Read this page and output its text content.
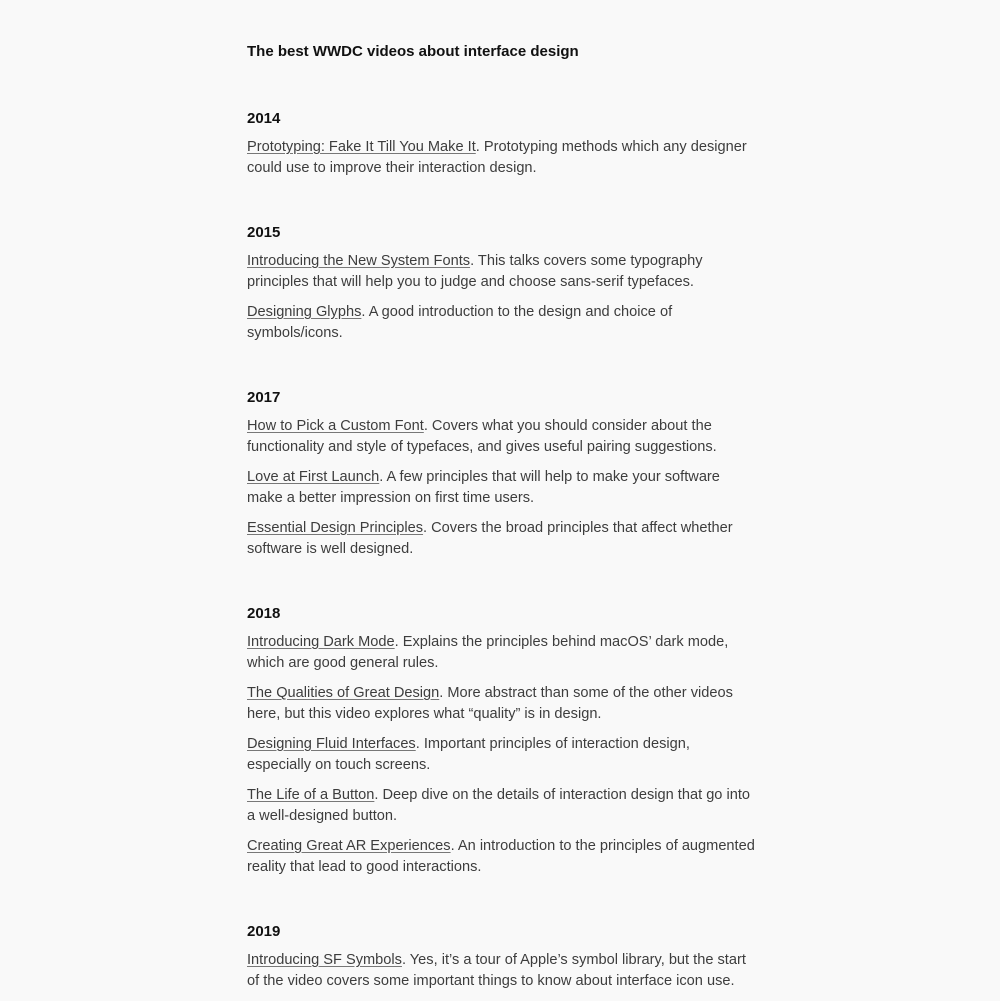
The best WWDC videos about interface design
2014

Prototyping: Fake It Till You Make It. Prototyping methods which any designer could use to improve their interaction design.

2015

Introducing the New System Fonts. This talks covers some typography principles that will help you to judge and choose sans-serif typefaces.

Designing Glyphs. A good introduction to the design and choice of symbols/icons.

2017

How to Pick a Custom Font. Covers what you should consider about the functionality and style of typefaces, and gives useful pairing suggestions.

Love at First Launch. A few principles that will help to make your software make a better impression on first time users.

Essential Design Principles. Covers the broad principles that affect whether software is well designed.

2018

Introducing Dark Mode. Explains the principles behind macOS’ dark mode, which are good general rules.

The Qualities of Great Design. More abstract than some of the other videos here, but this video explores what “quality” is in design.

Designing Fluid Interfaces. Important principles of interaction design, especially on touch screens.

The Life of a Button. Deep dive on the details of interaction design that go into a well-designed button.

Creating Great AR Experiences. An introduction to the principles of augmented reality that lead to good interactions.

2019

Introducing SF Symbols. Yes, it’s a tour of Apple’s symbol library, but the start of the video covers some important things to know about interface icon use.
